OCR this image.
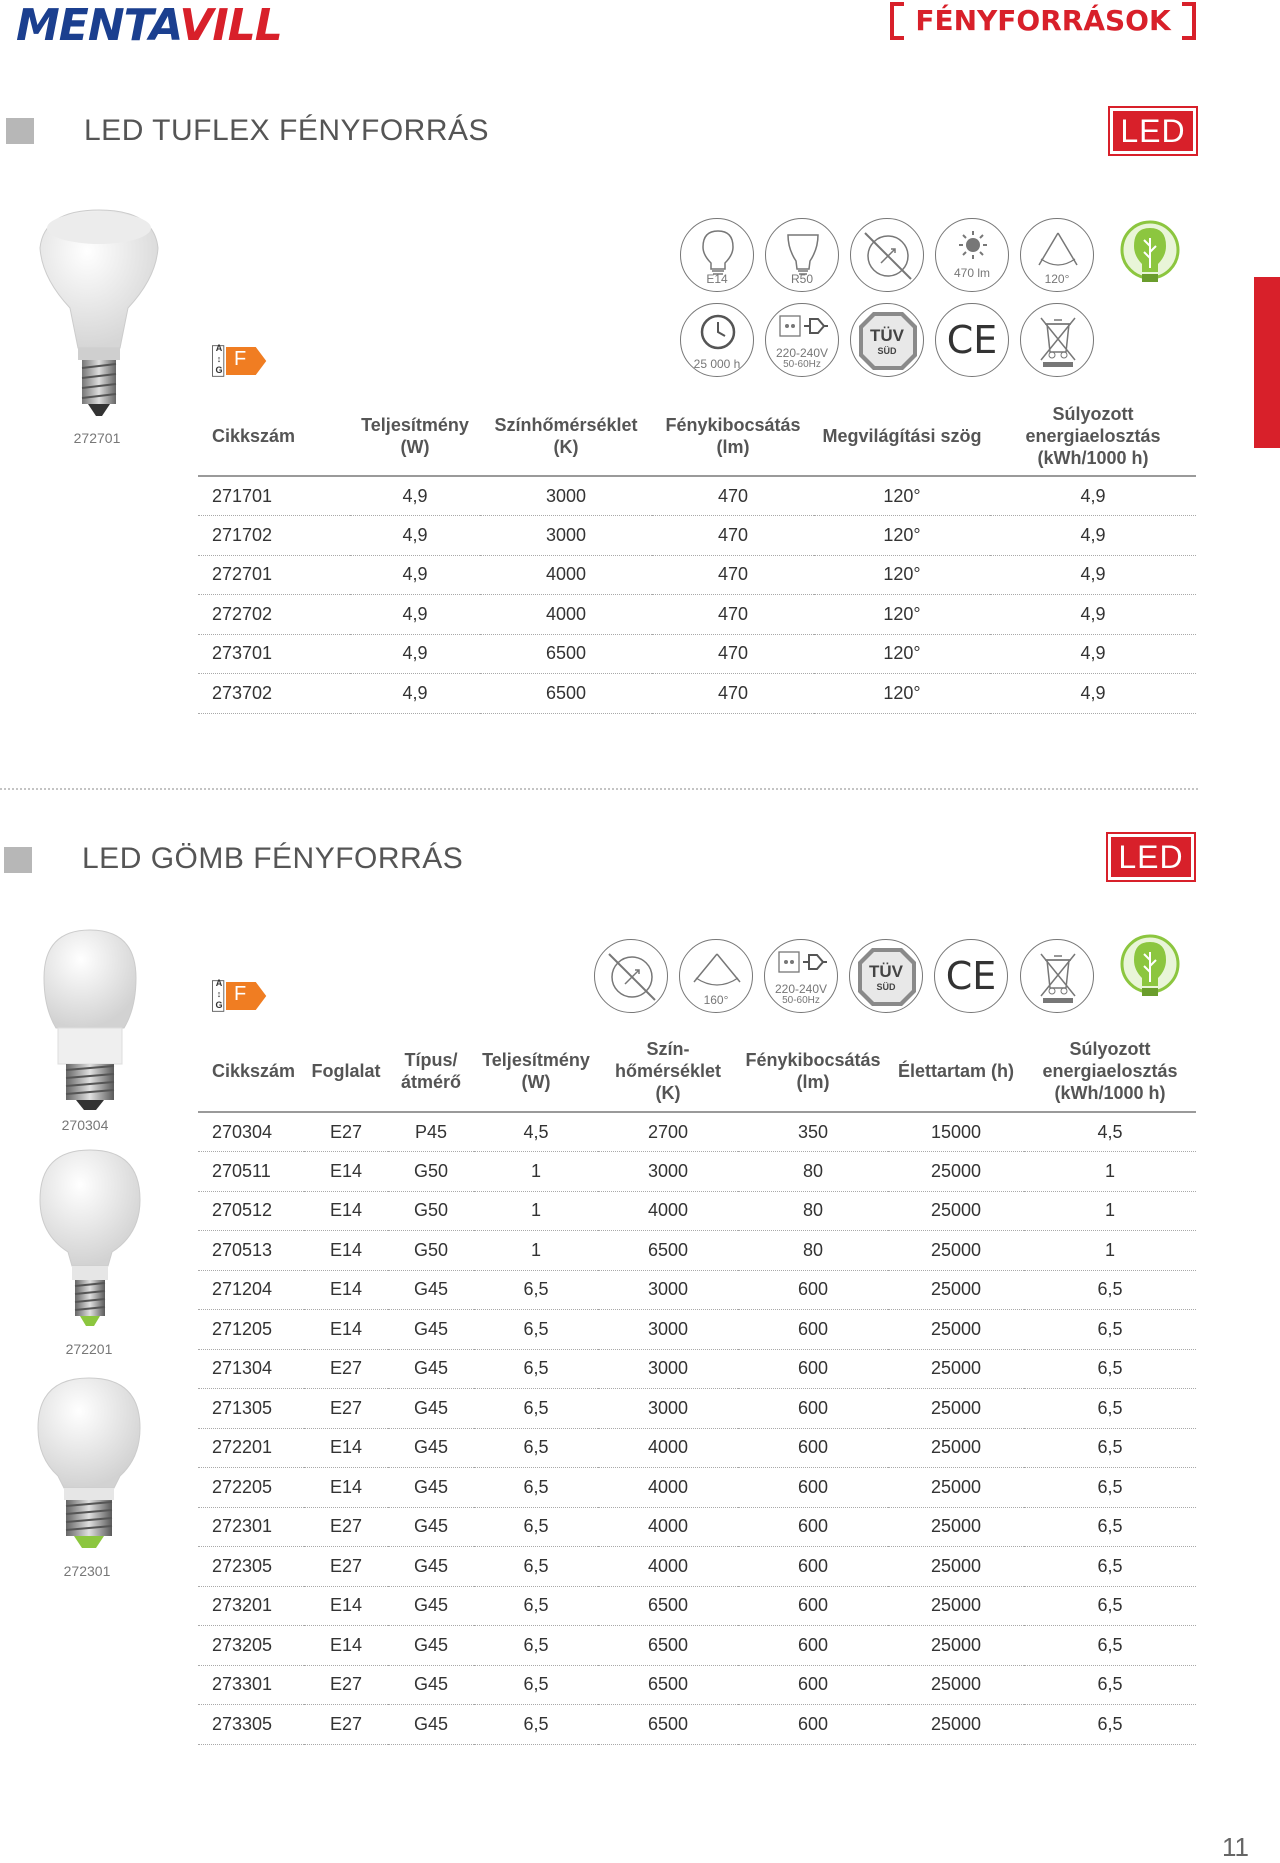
MENTAVILL	FÉNYFORRÁSOK
LED TUFLEX FÉNYFORRÁS	LED
272701
A
↕
G F
E14	R50	470 lm	120°
25 000 h
220-240V
50-60Hz
TÜV
SÜD	CE
Cikkszám	Teljesítmény (W)	Színhőmérséklet (K)	Fénykibocsátás (lm)	Megvilágítási szög	Súlyozott energiaelosztás (kWh/1000 h)
271701	4,9	3000	470	120°	4,9
271702	4,9	3000	470	120°	4,9
272701	4,9	4000	470	120°	4,9
272702	4,9	4000	470	120°	4,9
273701	4,9	6500	470	120°	4,9
273702	4,9	6500	470	120°	4,9
LED GÖMB FÉNYFORRÁS	LED
A
↕
G F	160°
220-240V
50-60Hz
TÜV
SÜD	CE
270304
272201
272301
Cikkszám	Foglalat	Típus/ átmérő	Teljesítmény (W)	Szín- hőmérséklet (K)	Fénykibocsátás (lm)	Élettartam (h)	Súlyozott energiaelosztás (kWh/1000 h)
270304	E27	P45	4,5	2700	350	15000	4,5
270511	E14	G50	1	3000	80	25000	1
270512	E14	G50	1	4000	80	25000	1
270513	E14	G50	1	6500	80	25000	1
271204	E14	G45	6,5	3000	600	25000	6,5
271205	E14	G45	6,5	3000	600	25000	6,5
271304	E27	G45	6,5	3000	600	25000	6,5
271305	E27	G45	6,5	3000	600	25000	6,5
272201	E14	G45	6,5	4000	600	25000	6,5
272205	E14	G45	6,5	4000	600	25000	6,5
272301	E27	G45	6,5	4000	600	25000	6,5
272305	E27	G45	6,5	4000	600	25000	6,5
273201	E14	G45	6,5	6500	600	25000	6,5
273205	E14	G45	6,5	6500	600	25000	6,5
273301	E27	G45	6,5	6500	600	25000	6,5
273305	E27	G45	6,5	6500	600	25000	6,5
11
